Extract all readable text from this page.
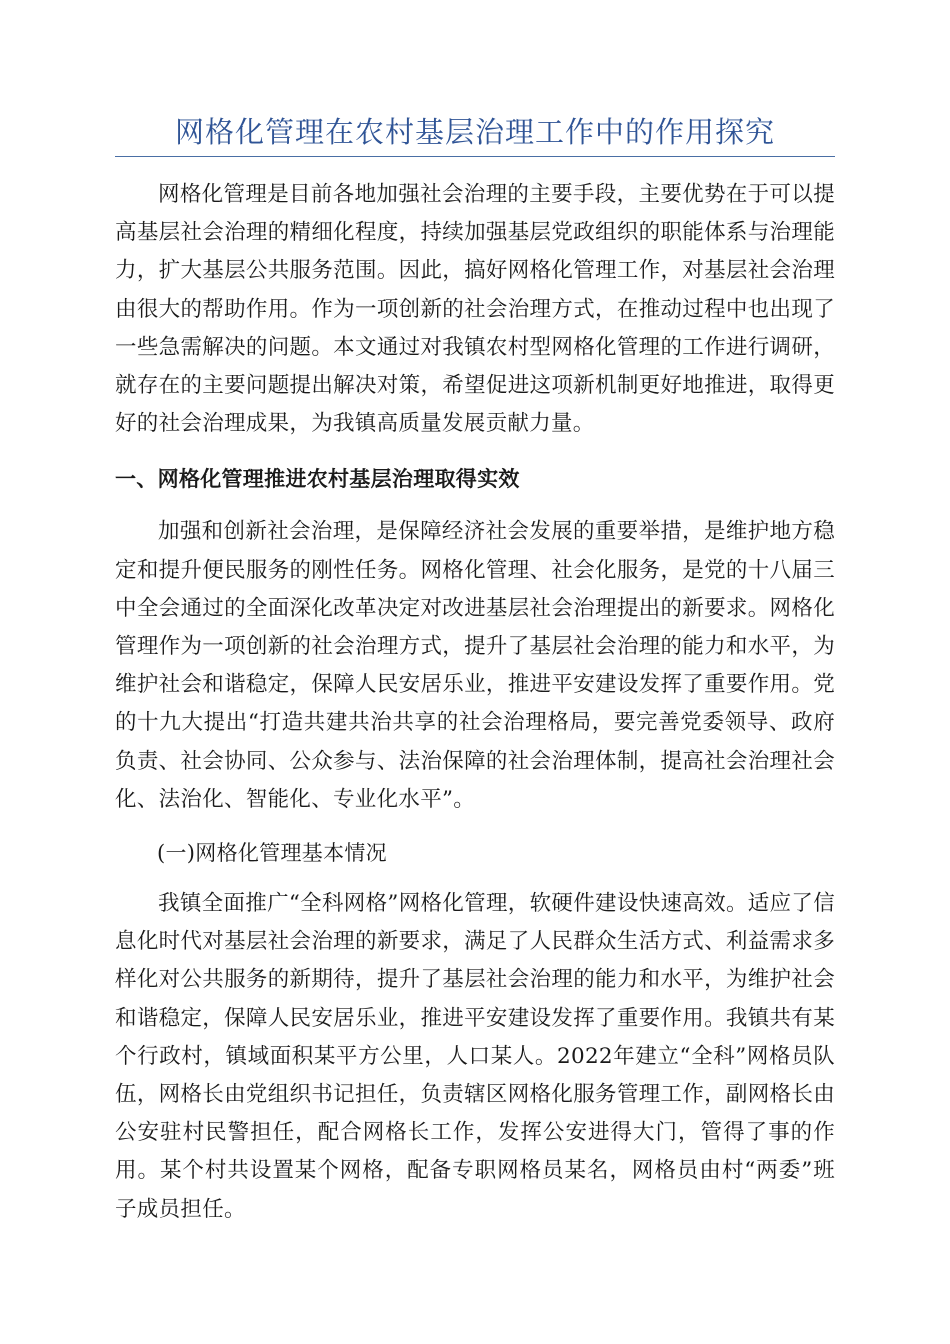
网格化管理在农村基层治理工作中的作用探究

网格化管理是目前各地加强社会治理的主要手段，主要优势在于可以提高基层社会治理的精细化程度，持续加强基层党政组织的职能体系与治理能力，扩大基层公共服务范围。因此，搞好网格化管理工作，对基层社会治理由很大的帮助作用。作为一项创新的社会治理方式，在推动过程中也出现了一些急需解决的问题。本文通过对我镇农村型网格化管理的工作进行调研，就存在的主要问题提出解决对策，希望促进这项新机制更好地推进，取得更好的社会治理成果，为我镇高质量发展贡献力量。

一、网格化管理推进农村基层治理取得实效

加强和创新社会治理，是保障经济社会发展的重要举措，是维护地方稳定和提升便民服务的刚性任务。网格化管理、社会化服务，是党的十八届三中全会通过的全面深化改革决定对改进基层社会治理提出的新要求。网格化管理作为一项创新的社会治理方式，提升了基层社会治理的能力和水平，为维护社会和谐稳定，保障人民安居乐业，推进平安建设发挥了重要作用。党的十九大提出“打造共建共治共享的社会治理格局，要完善党委领导、政府负责、社会协同、公众参与、法治保障的社会治理体制，提高社会治理社会化、法治化、智能化、专业化水平”。

(一)网格化管理基本情况

我镇全面推广“全科网格”网格化管理，软硬件建设快速高效。适应了信息化时代对基层社会治理的新要求，满足了人民群众生活方式、利益需求多样化对公共服务的新期待，提升了基层社会治理的能力和水平，为维护社会和谐稳定，保障人民安居乐业，推进平安建设发挥了重要作用。我镇共有某个行政村，镇域面积某平方公里，人口某人。2022年建立“全科”网格员队伍，网格长由党组织书记担任，负责辖区网格化服务管理工作，副网格长由公安驻村民警担任，配合网格长工作，发挥公安进得大门，管得了事的作用。某个村共设置某个网格，配备专职网格员某名，网格员由村“两委”班子成员担任。
